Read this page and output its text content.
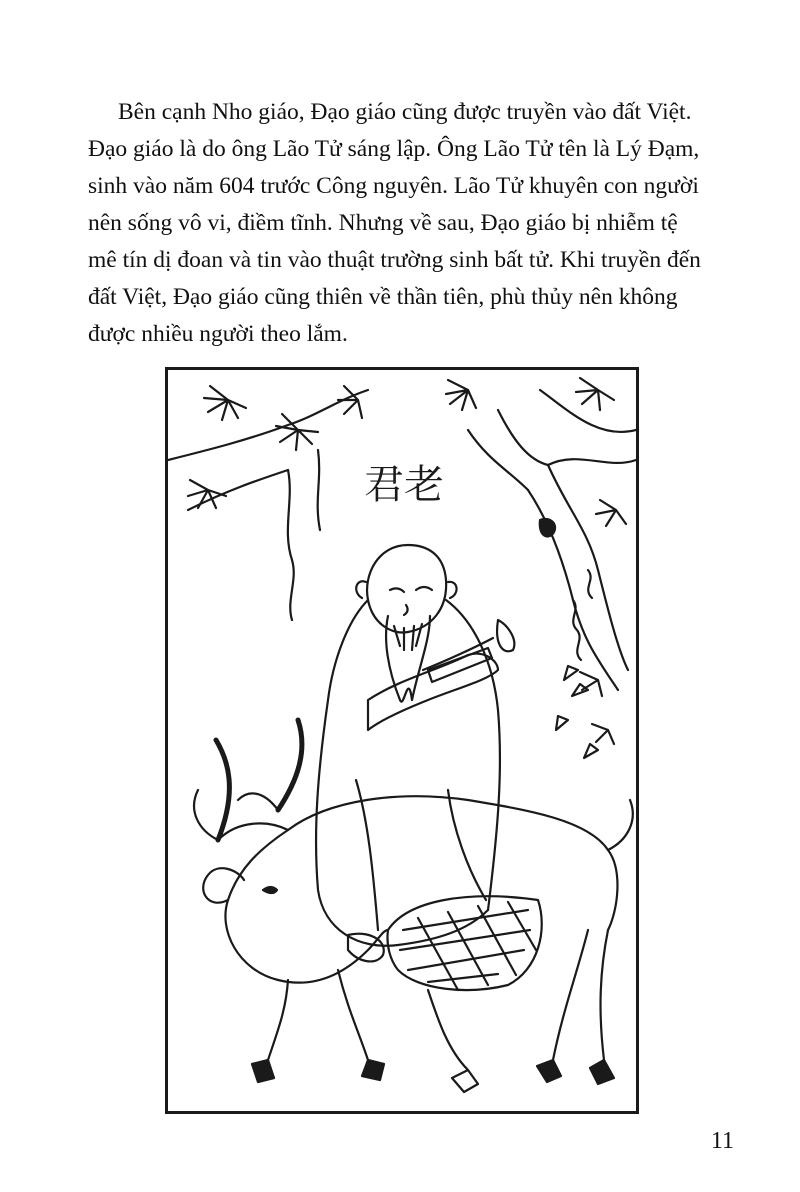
Bên cạnh Nho giáo, Đạo giáo cũng được truyền vào đất Việt.
Đạo giáo là do ông Lão Tử sáng lập. Ông Lão Tử tên là Lý Đạm,
sinh vào năm 604 trước Công nguyên. Lão Tử khuyên con người
nên sống vô vi, điềm tĩnh. Nhưng về sau, Đạo giáo bị nhiễm tệ
mê tín dị đoan và tin vào thuật trường sinh bất tử. Khi truyền đến
đất Việt, Đạo giáo cũng thiên về thần tiên, phù thủy nên không
được nhiều người theo lắm.

君老
11
